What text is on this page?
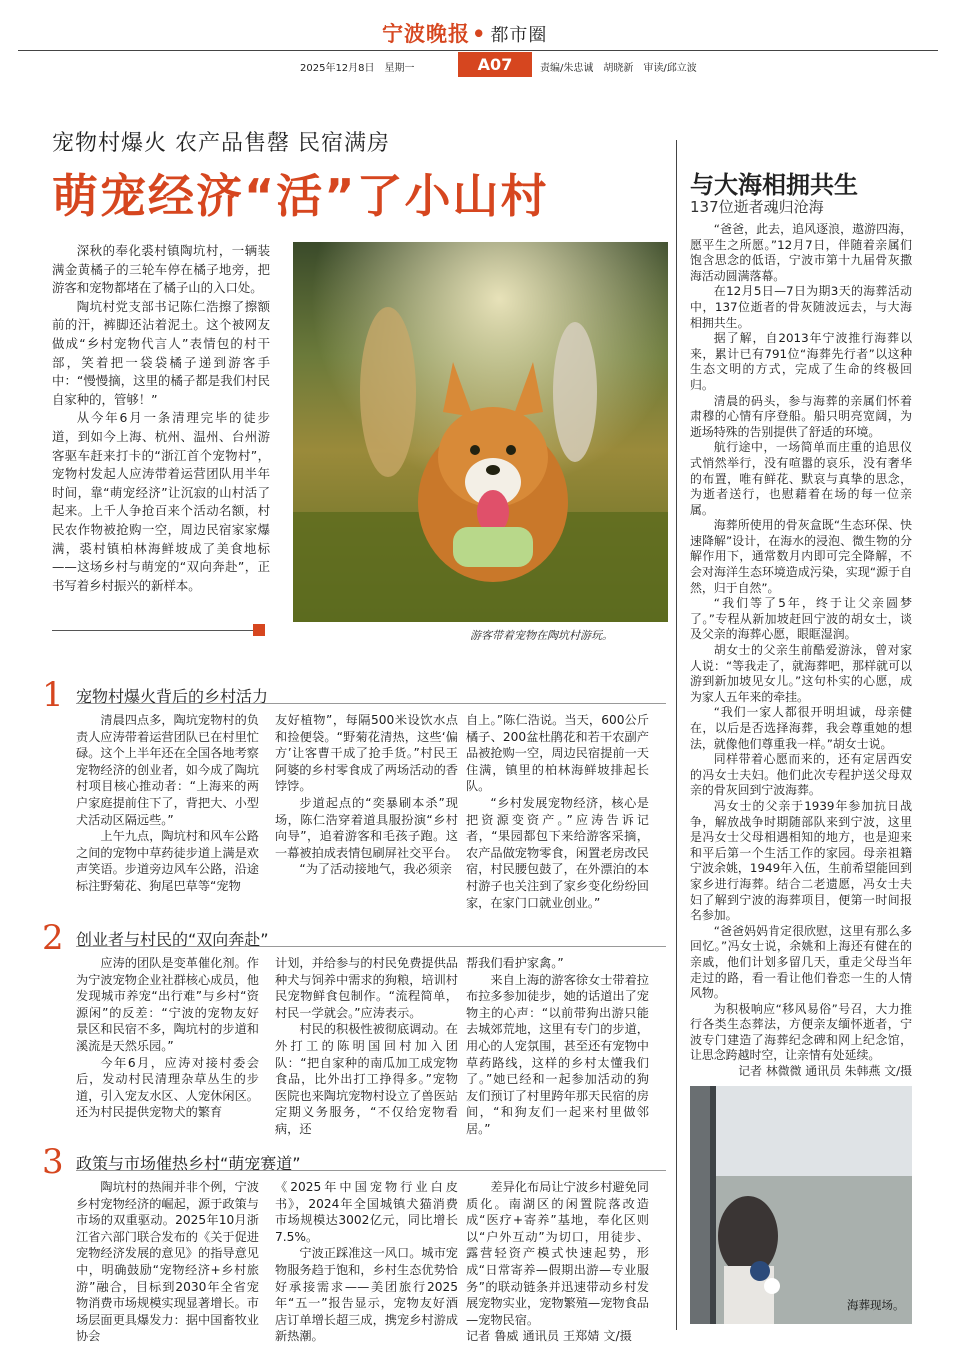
宁波晚报• 都市圈
2025年12月8日　 星期一	A07	责编/朱忠诚　胡晓新　审读/邱立波
宠物村爆火 农产品售罄 民宿满房
萌宠经济“活”了小山村

深秋的奉化裘村镇陶坑村，一辆装满金黄橘子的三轮车停在橘子地旁，把游客和宠物都堵在了橘子山的入口处。

陶坑村党支部书记陈仁浩擦了擦额前的汗，裤脚还沾着泥土。这个被网友做成“乡村宠物代言人”表情包的村干部，笑着把一袋袋橘子递到游客手中：“慢慢摘，这里的橘子都是我们村民自家种的，管够！”

从今年6月一条清理完毕的徒步道，到如今上海、杭州、温州、台州游客驱车赶来打卡的“浙江首个宠物村”，宠物村发起人应涛带着运营团队用半年时间，靠“萌宠经济”让沉寂的山村活了起来。上千人争抢百来个活动名额，村民农作物被抢购一空，周边民宿家家爆满，裘村镇柏林海鲜坡成了美食地标——这场乡村与萌宠的“双向奔赴”，正书写着乡村振兴的新样本。

游客带着宠物在陶坑村游玩。
1 宠物村爆火背后的乡村活力

清晨四点多，陶坑宠物村的负责人应涛带着运营团队已在村里忙碌。这个上半年还在全国各地考察宠物经济的创业者，如今成了陶坑村项目核心推动者：“上海来的两户家庭提前住下了，背把大、小型犬活动区隔远些。”

上午九点，陶坑村和风车公路之间的宠物中草药徒步道上满是欢声笑语。步道旁边风车公路，沿途标注野菊花、狗尾巴草等“宠物

友好植物”，每隔500米设饮水点和捡便袋。“野菊花清热，这些‘偏方’让客曹干成了抢手货。”村民王阿婆的乡村零食成了两场活动的香饽饽。

步道起点的“奕暴刷本杀”现场，陈仁浩穿着道具服扮演“乡村向导”，追着游客和毛孩子跑。这一幕被拍成表情包刷屏社交平台。

“为了活动接地气，我必须亲

自上。”陈仁浩说。当天，600公斤橘子、200盆杜鹃花和若干农副产品被抢购一空，周边民宿提前一天住满，镇里的柏林海鲜坡排起长队。

“乡村发展宠物经济，核心是把资源变资产。”应涛告诉记者，“果园都包下来给游客采摘，农产品做宠物零食，闲置老房改民宿，村民腰包鼓了，在外漂泊的本村游子也关注到了家乡变化纷纷回家，在家门口就业创业。”

2 创业者与村民的“双向奔赴”

应涛的团队是变革催化剂。作为宁波宠物企业社群核心成员，他发现城市养宠“出行难”与乡村“资源闲”的反差：“宁波的宠物友好景区和民宿不多，陶坑村的步道和溪流是天然乐园。”

今年6月，应涛对接村委会后，发动村民清理杂草丛生的步道，引入宠友水区、人宠休闲区。还为村民提供宠物犬的繁育

计划，并给参与的村民免费提供品种犬与饲养中需求的狗粮，培训村民宠物鲜食包制作。“流程简单，村民一学就会。”应涛表示。

村民的积极性被彻底调动。在外打工的陈明国回村加入团队：“把自家种的南瓜加工成宠物食品，比外出打工挣得多。”宠物医院也来陶坑宠物村设立了兽医站定期义务服务，“不仅给宠物看病，还

帮我们看护家禽。”

来自上海的游客徐女士带着拉布拉多参加徒步，她的话道出了宠物主的心声：“以前带狗出游只能去城郊荒地，这里有专门的步道，用心的人宠氛围，甚至还有宠物中草药路线，这样的乡村太懂我们了。”她已经和一起参加活动的狗友们预订了村里跨年那天民宿的房间，“和狗友们一起来村里做邻居。”

3 政策与市场催热乡村“萌宠赛道”

陶坑村的热闹并非个例，宁波乡村宠物经济的崛起，源于政策与市场的双重驱动。2025年10月浙江省六部门联合发布的《关于促进宠物经济发展的意见》的指导意见中，明确鼓励“宠物经济+乡村旅游”融合，目标到2030年全省宠物消费市场规模实现显著增长。市场层面更具爆发力：据中国畜牧业协会

《2025年中国宠物行业白皮书》，2024年全国城镇犬猫消费市场规模达3002亿元，同比增长7.5%。

宁波正踩准这一风口。城市宠物服务趋于饱和，乡村生态优势恰好承接需求——美团旅行2025年“五一”报告显示，宠物友好酒店订单增长超三成，携宠乡村游成新热潮。

差异化布局让宁波乡村避免同质化。南湖区的闲置院落改造成“医疗+寄养”基地，奉化区则以“户外互动”为切口，用徒步、露营轻资产模式快速起势，形成“日常寄养—假期出游—专业服务”的联动链条并迅速带动乡村发展宠物实业，宠物繁殖—宠物食品—宠物民宿。

记者 鲁威 通讯员 王郑婧 文/摄

与大海相拥共生
137位逝者魂归沧海

“爸爸，此去，追风逐浪，遨游四海，愿平生之所愿。”12月7日，伴随着亲属们饱含思念的低语，宁波市第十九届骨灰撒海活动圆满落幕。

在12月5日—7日为期3天的海葬活动中，137位逝者的骨灰随波远去，与大海相拥共生。

据了解，自2013年宁波推行海葬以来，累计已有791位“海葬先行者”以这种生态文明的方式，完成了生命的终极回归。

清晨的码头，参与海葬的亲属们怀着肃穆的心情有序登船。船只明亮宽阔，为逝场特殊的告别提供了舒适的环境。

航行途中，一场简单而庄重的追思仪式悄然举行，没有喧嚣的哀乐，没有奢华的布置，唯有鲜花、默哀与真挚的思念，为逝者送行，也慰藉着在场的每一位亲属。

海葬所使用的骨灰盒既“生态环保、快速降解”设计，在海水的浸泡、微生物的分解作用下，通常数月内即可完全降解，不会对海洋生态环境造成污染，实现“源于自然，归于自然”。

“我们等了5年，终于让父亲圆梦了。”专程从新加坡赶回宁波的胡女士，谈及父亲的海葬心愿，眼眶湿润。

胡女士的父亲生前酷爱游泳，曾对家人说：“等我走了，就海葬吧，那样就可以游到新加坡见女儿。”这句朴实的心愿，成为家人五年来的牵挂。

“我们一家人都很开明坦诚，母亲健在，以后是否选择海葬，我会尊重她的想法，就像他们尊重我一样。”胡女士说。

同样带着心愿而来的，还有定居西安的冯女士夫妇。他们此次专程护送父母双亲的骨灰回到宁波海葬。

冯女士的父亲于1939年参加抗日战争，解放战争时期随部队来到宁波，这里是冯女士父母相遇相知的地方，也是迎来和平后第一个生活工作的家园。母亲祖籍宁波余姚，1949年入伍，生前希望能回到家乡进行海葬。结合二老遗愿，冯女士夫妇了解到宁波的海葬项目，便第一时间报名参加。

“爸爸妈妈肯定很欣慰，这里有那么多回忆。”冯女士说，余姚和上海还有健在的亲戚，他们计划多留几天，重走父母当年走过的路，看一看让他们眷恋一生的人情风物。

为积极响应“移风易俗”号召，大力推行各类生态葬法，方便亲友缅怀逝者，宁波专门建造了海葬纪念碑和网上纪念馆，让思念跨越时空，让亲情有处延续。

记者 林微微 通讯员 朱韩燕 文/摄

海葬现场。
